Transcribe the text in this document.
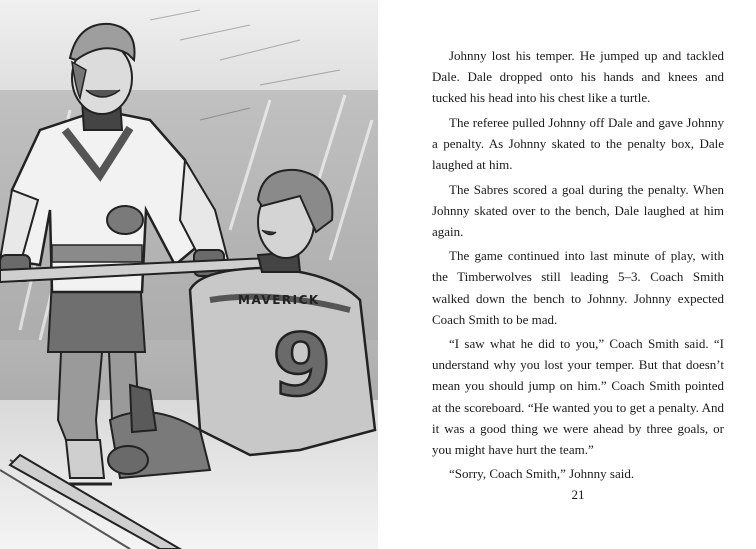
MAVERICK
9

Johnny lost his temper. He jumped up and tackled Dale. Dale dropped onto his hands and knees and tucked his head into his chest like a turtle.

The referee pulled Johnny off Dale and gave Johnny a penalty. As Johnny skated to the penalty box, Dale laughed at him.

The Sabres scored a goal during the penalty. When Johnny skated over to the bench, Dale laughed at him again.

The game continued into last minute of play, with the Timberwolves still leading 5–3. Coach Smith walked down the bench to Johnny. Johnny expected Coach Smith to be mad.

“I saw what he did to you,” Coach Smith said. “I understand why you lost your temper. But that doesn’t mean you should jump on him.” Coach Smith pointed at the scoreboard. “He wanted you to get a penalty. And it was a good thing we were ahead by three goals, or you might have hurt the team.”

“Sorry, Coach Smith,” Johnny said.

21
